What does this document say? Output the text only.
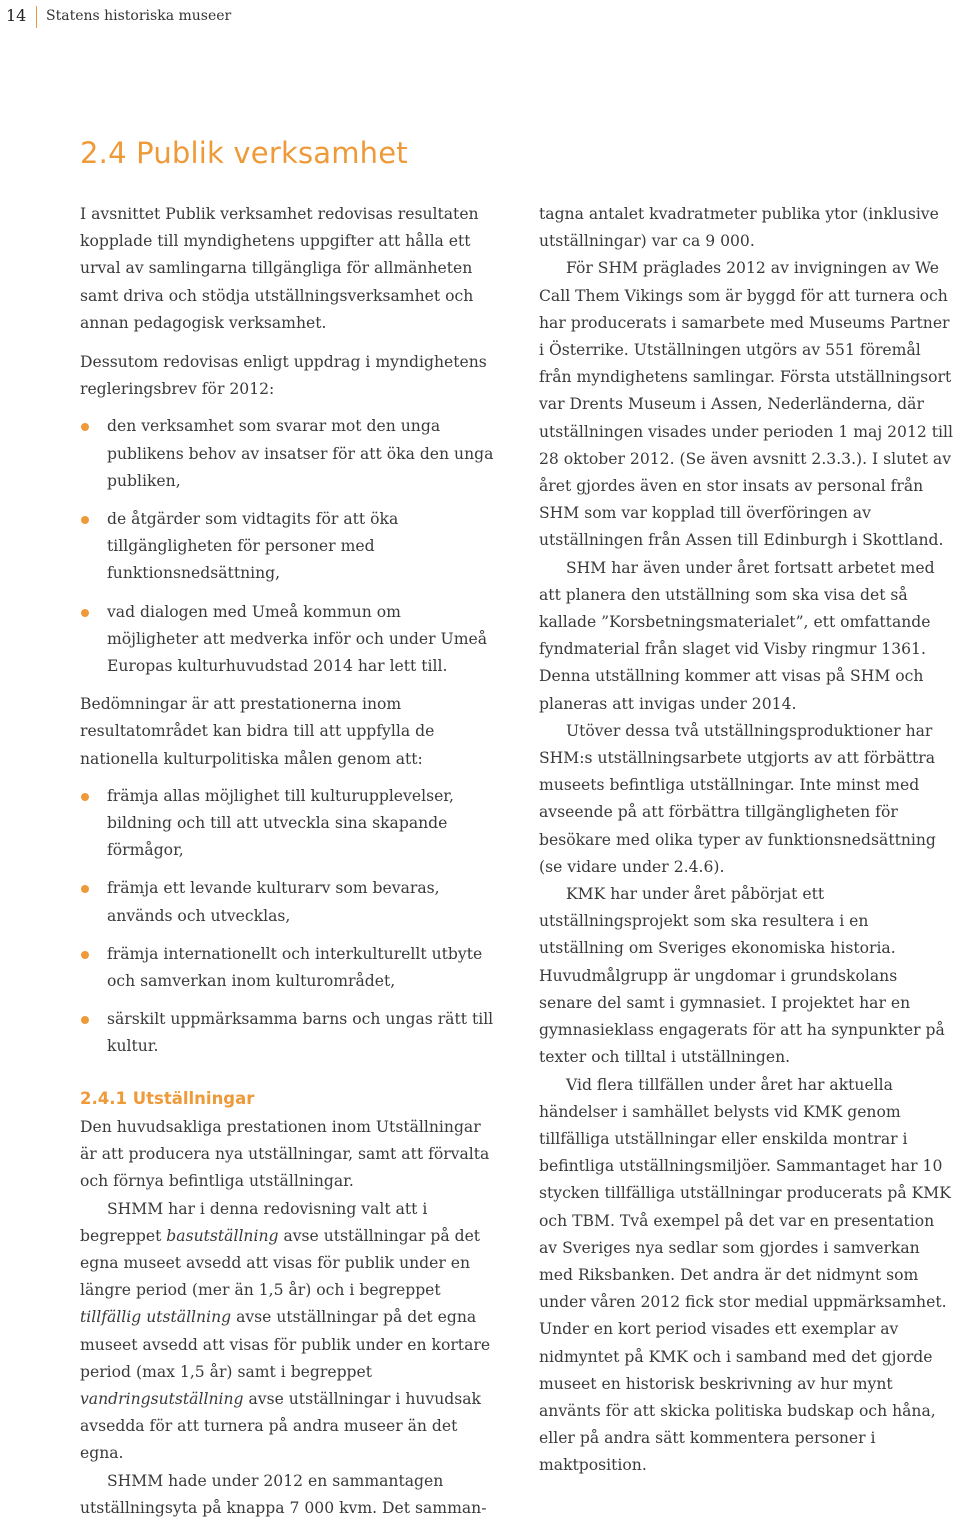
14 Statens historiska museer
2.4 Publik verksamhet

I avsnittet Publik verksamhet redovisas resultaten kopplade till myndighetens uppgifter att hålla ett urval av samlingarna tillgängliga för allmänheten samt driva och stödja utställningsverksamhet och annan pedagogisk verksamhet.

Dessutom redovisas enligt uppdrag i myndighetens regleringsbrev för 2012:

den verksamhet som svarar mot den unga publikens behov av insatser för att öka den unga publiken,
de åtgärder som vidtagits för att öka tillgängligheten för personer med funktionsnedsättning,
vad dialogen med Umeå kommun om möjligheter att medverka inför och under Umeå Europas kulturhuvudstad 2014 har lett till.

Bedömningar är att prestationerna inom resultatområdet kan bidra till att uppfylla de nationella kulturpolitiska målen genom att:

främja allas möjlighet till kulturupplevelser, bildning och till att utveckla sina skapande förmågor,
främja ett levande kulturarv som bevaras, används och utvecklas,
främja internationellt och interkulturellt utbyte och samverkan inom kulturområdet,
särskilt uppmärksamma barns och ungas rätt till kultur.

2.4.1 Utställningar

Den huvudsakliga prestationen inom Utställningar är att producera nya utställningar, samt att förvalta och förnya befintliga utställningar.

SHMM har i denna redovisning valt att i begreppet basutställning avse utställningar på det egna museet avsedd att visas för publik under en längre period (mer än 1,5 år) och i begreppet tillfällig utställning avse utställningar på det egna museet avsedd att visas för publik under en kortare period (max 1,5 år) samt i begreppet vandringsutställning avse utställningar i huvudsak avsedda för att turnera på andra museer än det egna.

SHMM hade under 2012 en sammantagen utställningsyta på knappa 7 000 kvm. Det samman-

tagna antalet kvadratmeter publika ytor (inklusive utställningar) var ca 9 000.

För SHM präglades 2012 av invigningen av We Call Them Vikings som är byggd för att turnera och har producerats i samarbete med Museums Partner i Österrike. Utställningen utgörs av 551 föremål från myndighetens samlingar. Första utställningsort var Drents Museum i Assen, Nederländerna, där utställningen visades under perioden 1 maj 2012 till 28 oktober 2012. (Se även avsnitt 2.3.3.). I slutet av året gjordes även en stor insats av personal från SHM som var kopplad till överföringen av utställningen från Assen till Edinburgh i Skottland.

SHM har även under året fortsatt arbetet med att planera den utställning som ska visa det så kallade ”Korsbetningsmaterialet”, ett omfattande fyndmaterial från slaget vid Visby ringmur 1361. Denna utställning kommer att visas på SHM och planeras att invigas under 2014.

Utöver dessa två utställningsproduktioner har SHM:s utställningsarbete utgjorts av att förbättra museets befintliga utställningar. Inte minst med avseende på att förbättra tillgängligheten för besökare med olika typer av funktionsnedsättning (se vidare under 2.4.6).

KMK har under året påbörjat ett utställningsprojekt som ska resultera i en utställning om Sveriges ekonomiska historia. Huvudmålgrupp är ungdomar i grundskolans senare del samt i gymnasiet. I projektet har en gymnasieklass engagerats för att ha synpunkter på texter och tilltal i utställningen.

Vid flera tillfällen under året har aktuella händelser i samhället belysts vid KMK genom tillfälliga utställningar eller enskilda montrar i befintliga utställningsmiljöer. Sammantaget har 10 stycken tillfälliga utställningar producerats på KMK och TBM. Två exempel på det var en presentation av Sveriges nya sedlar som gjordes i samverkan med Riksbanken. Det andra är det nidmynt som under våren 2012 fick stor medial uppmärksamhet. Under en kort period visades ett exemplar av nidmyntet på KMK och i samband med det gjorde museet en historisk beskrivning av hur mynt använts för att skicka politiska budskap och håna, eller på andra sätt kommentera personer i maktposition.
